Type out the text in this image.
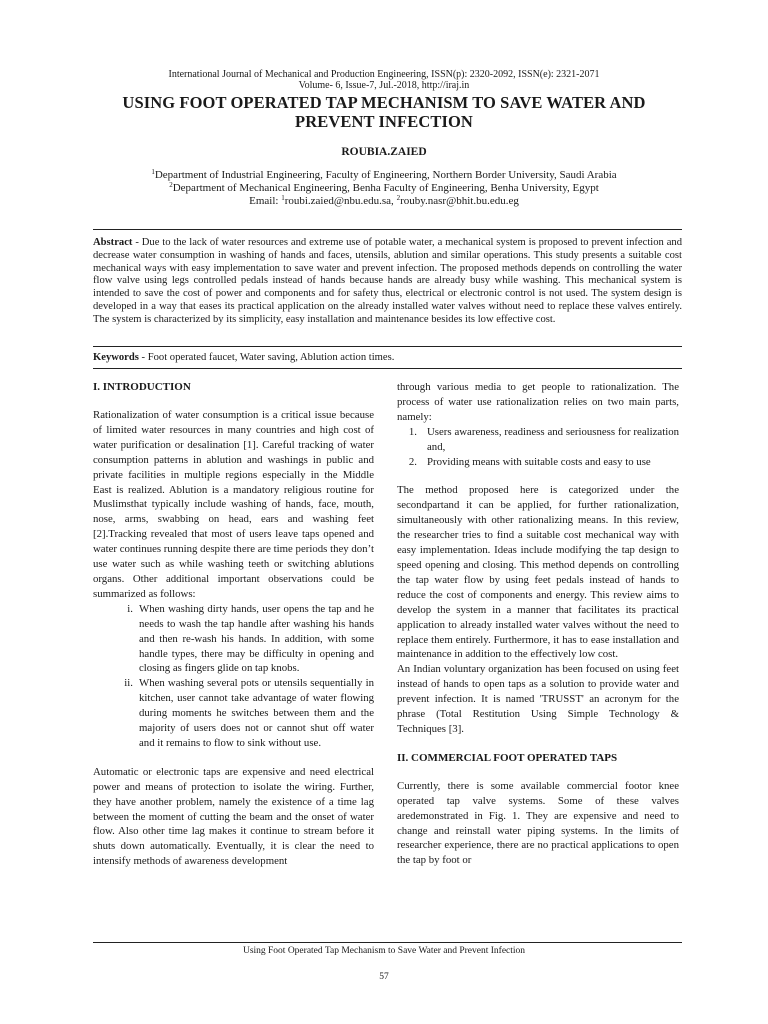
International Journal of Mechanical and Production Engineering, ISSN(p): 2320-2092, ISSN(e): 2321-2071
Volume- 6, Issue-7, Jul.-2018, http://iraj.in
USING FOOT OPERATED TAP MECHANISM TO SAVE WATER AND
PREVENT INFECTION
ROUBIA.ZAIED
$^1$Department of Industrial Engineering, Faculty of Engineering, Northern Border University, Saudi Arabia
$^2$Department of Mechanical Engineering, Benha Faculty of Engineering, Benha University, Egypt
Email: $^1$roubi.zaied@nbu.edu.sa, $^2$rouby.nasr@bhit.bu.edu.eg
Abstract - Due to the lack of water resources and extreme use of potable water, a mechanical system is proposed to prevent infection and decrease water consumption in washing of hands and faces, utensils, ablution and similar operations. This study presents a suitable cost mechanical ways with easy implementation to save water and prevent infection. The proposed methods depends on controlling the water flow valve using legs controlled pedals instead of hands because hands are already busy while washing. This mechanical system is intended to save the cost of power and components and for safety thus, electrical or electronic control is not used. The system design is developed in a way that eases its practical application on the already installed water valves without need to replace these valves entirely. The system is characterized by its simplicity, easy installation and maintenance besides its low effective cost.
Keywords - Foot operated faucet, Water saving, Ablution action times.
I. INTRODUCTION

Rationalization of water consumption is a critical issue because of limited water resources in many countries and high cost of water purification or desalination [1]. Careful tracking of water consumption patterns in ablution and washings in public and private facilities in multiple regions especially in the Middle East is realized. Ablution is a mandatory religious routine for Muslimsthat typically include washing of hands, face, mouth, nose, arms, swabbing on head, ears and washing feet [2].Tracking revealed that most of users leave taps opened and water continues running despite there are time periods they don’t use water such as while washing teeth or switching ablutions organs. Other additional important observations could be summarized as follows:

i. When washing dirty hands, user opens the tap and he needs to wash the tap handle after washing his hands and then re-wash his hands. In addition, with some handle types, there may be difficulty in opening and closing as fingers glide on tap knobs.
ii. When washing several pots or utensils sequentially in kitchen, user cannot take advantage of water flowing during moments he switches between them and the majority of users does not or cannot shut off water and it remains to flow to sink without use.

Automatic or electronic taps are expensive and need electrical power and means of protection to isolate the wiring. Further, they have another problem, namely the existence of a time lag between the moment of cutting the beam and the onset of water flow. Also other time lag makes it continue to stream before it shuts down automatically. Eventually, it is clear the need to intensify methods of awareness development

through various media to get people to rationalization. The process of water use rationalization relies on two main parts, namely:

1. Users awareness, readiness and seriousness for realization and,
2. Providing means with suitable costs and easy to use

The method proposed here is categorized under the secondpartand it can be applied, for further rationalization, simultaneously with other rationalizing means. In this review, the researcher tries to find a suitable cost mechanical way with easy implementation. Ideas include modifying the tap design to speed opening and closing. This method depends on controlling the tap water flow by using feet pedals instead of hands to reduce the cost of components and energy. This review aims to develop the system in a manner that facilitates its practical application to already installed water valves without the need to replace them entirely. Furthermore, it has to ease installation and maintenance in addition to the effectively low cost.

An Indian voluntary organization has been focused on using feet instead of hands to open taps as a solution to provide water and prevent infection. It is named 'TRUSST' an acronym for the phrase (Total Restitution Using Simple Technology & Techniques [3].

II. COMMERCIAL FOOT OPERATED TAPS

Currently, there is some available commercial footor knee operated tap valve systems. Some of these valves aredemonstrated in Fig. 1. They are expensive and need to change and reinstall water piping systems. In the limits of researcher experience, there are no practical applications to open the tap by foot or

Using Foot Operated Tap Mechanism to Save Water and Prevent Infection
57
